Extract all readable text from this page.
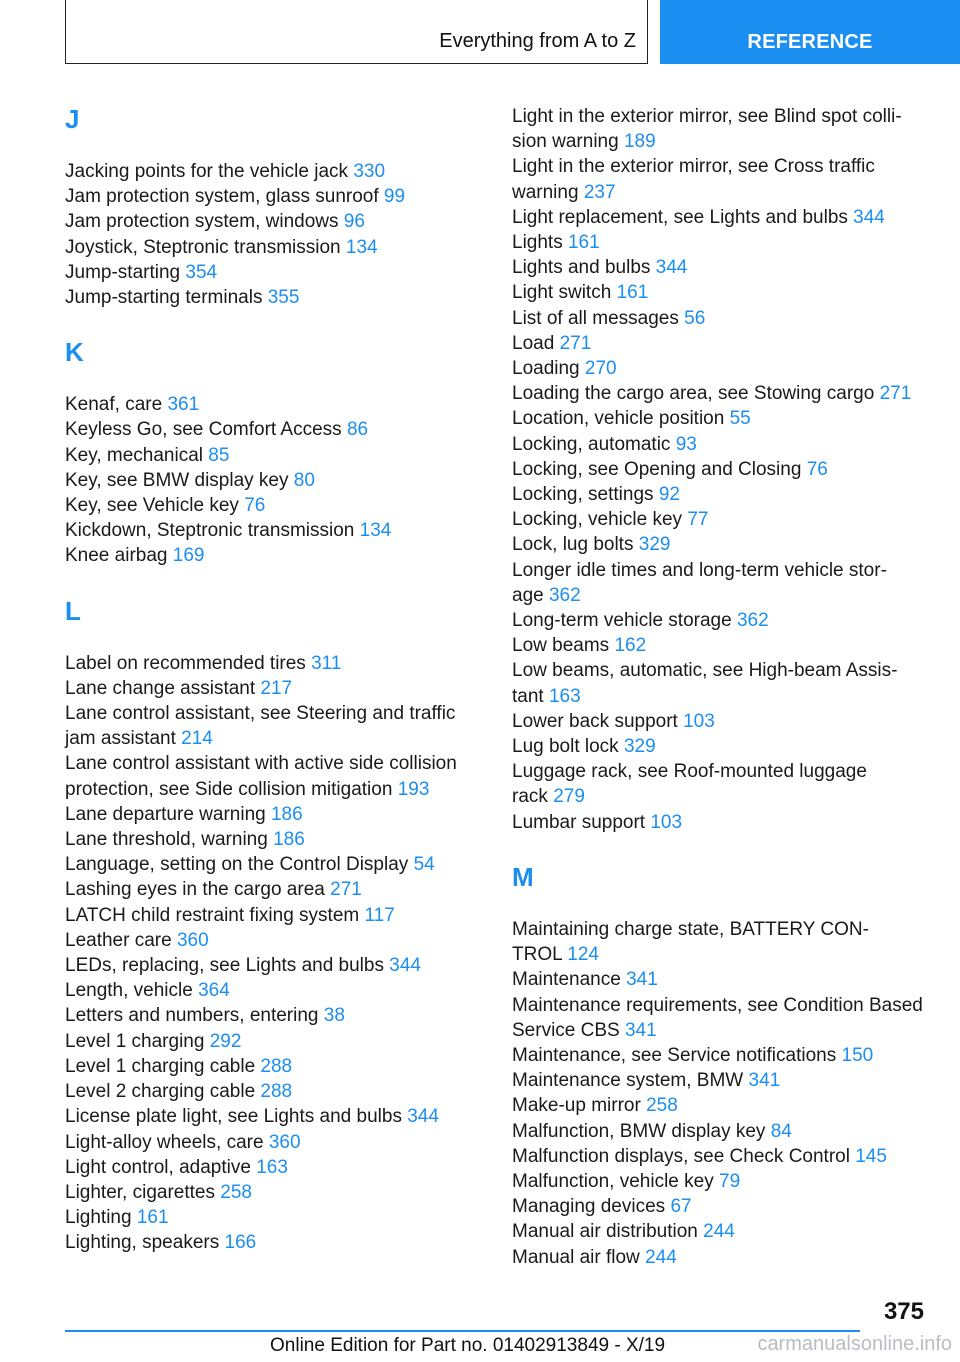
Everything from A to Z	REFERENCE
J
Jacking points for the vehicle jack 330
Jam protection system, glass sunroof 99
Jam protection system, windows 96
Joystick, Steptronic transmission 134
Jump-starting 354
Jump-starting terminals 355
K
Kenaf, care 361
Keyless Go, see Comfort Access 86
Key, mechanical 85
Key, see BMW display key 80
Key, see Vehicle key 76
Kickdown, Steptronic transmission 134
Knee airbag 169
L
Label on recommended tires 311
Lane change assistant 217
Lane control assistant, see Steering and traffic
jam assistant 214
Lane control assistant with active side collision
protection, see Side collision mitigation 193
Lane departure warning 186
Lane threshold, warning 186
Language, setting on the Control Display 54
Lashing eyes in the cargo area 271
LATCH child restraint fixing system 117
Leather care 360
LEDs, replacing, see Lights and bulbs 344
Length, vehicle 364
Letters and numbers, entering 38
Level 1 charging 292
Level 1 charging cable 288
Level 2 charging cable 288
License plate light, see Lights and bulbs 344
Light-alloy wheels, care 360
Light control, adaptive 163
Lighter, cigarettes 258
Lighting 161
Lighting, speakers 166
Light in the exterior mirror, see Blind spot colli-
sion warning 189
Light in the exterior mirror, see Cross traffic
warning 237
Light replacement, see Lights and bulbs 344
Lights 161
Lights and bulbs 344
Light switch 161
List of all messages 56
Load 271
Loading 270
Loading the cargo area, see Stowing cargo 271
Location, vehicle position 55
Locking, automatic 93
Locking, see Opening and Closing 76
Locking, settings 92
Locking, vehicle key 77
Lock, lug bolts 329
Longer idle times and long-term vehicle stor-
age 362
Long-term vehicle storage 362
Low beams 162
Low beams, automatic, see High-beam Assis-
tant 163
Lower back support 103
Lug bolt lock 329
Luggage rack, see Roof-mounted luggage
rack 279
Lumbar support 103
M
Maintaining charge state, BATTERY CON-
TROL 124
Maintenance 341
Maintenance requirements, see Condition Based
Service CBS 341
Maintenance, see Service notifications 150
Maintenance system, BMW 341
Make-up mirror 258
Malfunction, BMW display key 84
Malfunction displays, see Check Control 145
Malfunction, vehicle key 79
Managing devices 67
Manual air distribution 244
Manual air flow 244
375
Online Edition for Part no. 01402913849 - X/19	carmanualsonline.info
